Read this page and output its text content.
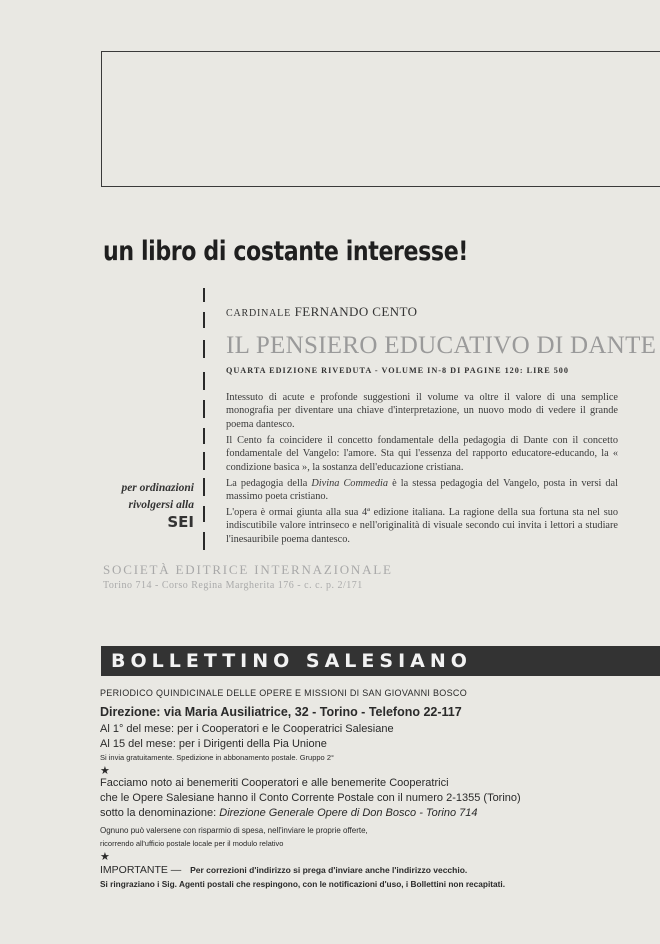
un libro di costante interesse!
per ordinazioni
rivolgersi alla
SEI
CARDINALE FERNANDO CENTO
IL PENSIERO EDUCATIVO DI DANTE
QUARTA EDIZIONE RIVEDUTA - VOLUME IN-8 DI PAGINE 120: LIRE 500

Intessuto di acute e profonde suggestioni il volume va oltre il valore di una semplice monografia per diventare una chiave d'interpretazione, un nuovo modo di vedere il grande poema dantesco.

Il Cento fa coincidere il concetto fondamentale della pedagogia di Dante con il concetto fondamentale del Vangelo: l'amore. Sta qui l'essenza del rapporto educatore-educando, la « condizione basica », la sostanza dell'educazione cristiana.

La pedagogia della Divina Commedia è la stessa pedagogia del Vangelo, posta in versi dal massimo poeta cristiano.

L'opera è ormai giunta alla sua 4ª edizione italiana. La ragione della sua fortuna sta nel suo indiscutibile valore intrinseco e nell'originalità di visuale secondo cui invita i lettori a studiare l'inesauribile poema dantesco.

SOCIETÀ EDITRICE INTERNAZIONALE
Torino 714 - Corso Regina Margherita 176 - c. c. p. 2/171
BOLLETTINO SALESIANO
PERIODICO QUINDICINALE DELLE OPERE E MISSIONI DI SAN GIOVANNI BOSCO
Direzione: via Maria Ausiliatrice, 32 - Torino - Telefono 22-117
Al 1° del mese: per i Cooperatori e le Cooperatrici Salesiane
Al 15 del mese: per i Dirigenti della Pia Unione
Si invia gratuitamente. Spedizione in abbonamento postale. Gruppo 2°
★
Facciamo noto ai benemeriti Cooperatori e alle benemerite Cooperatrici
che le Opere Salesiane hanno il Conto Corrente Postale con il numero 2-1355 (Torino)
sotto la denominazione: Direzione Generale Opere di Don Bosco - Torino 714
Ognuno può valersene con risparmio di spesa, nell'inviare le proprie offerte,
ricorrendo all'ufficio postale locale per il modulo relativo
★
IMPORTANTE — Per correzioni d'indirizzo si prega d'inviare anche l'indirizzo vecchio.
Si ringraziano i Sig. Agenti postali che respingono, con le notificazioni d'uso, i Bollettini non recapitati.
